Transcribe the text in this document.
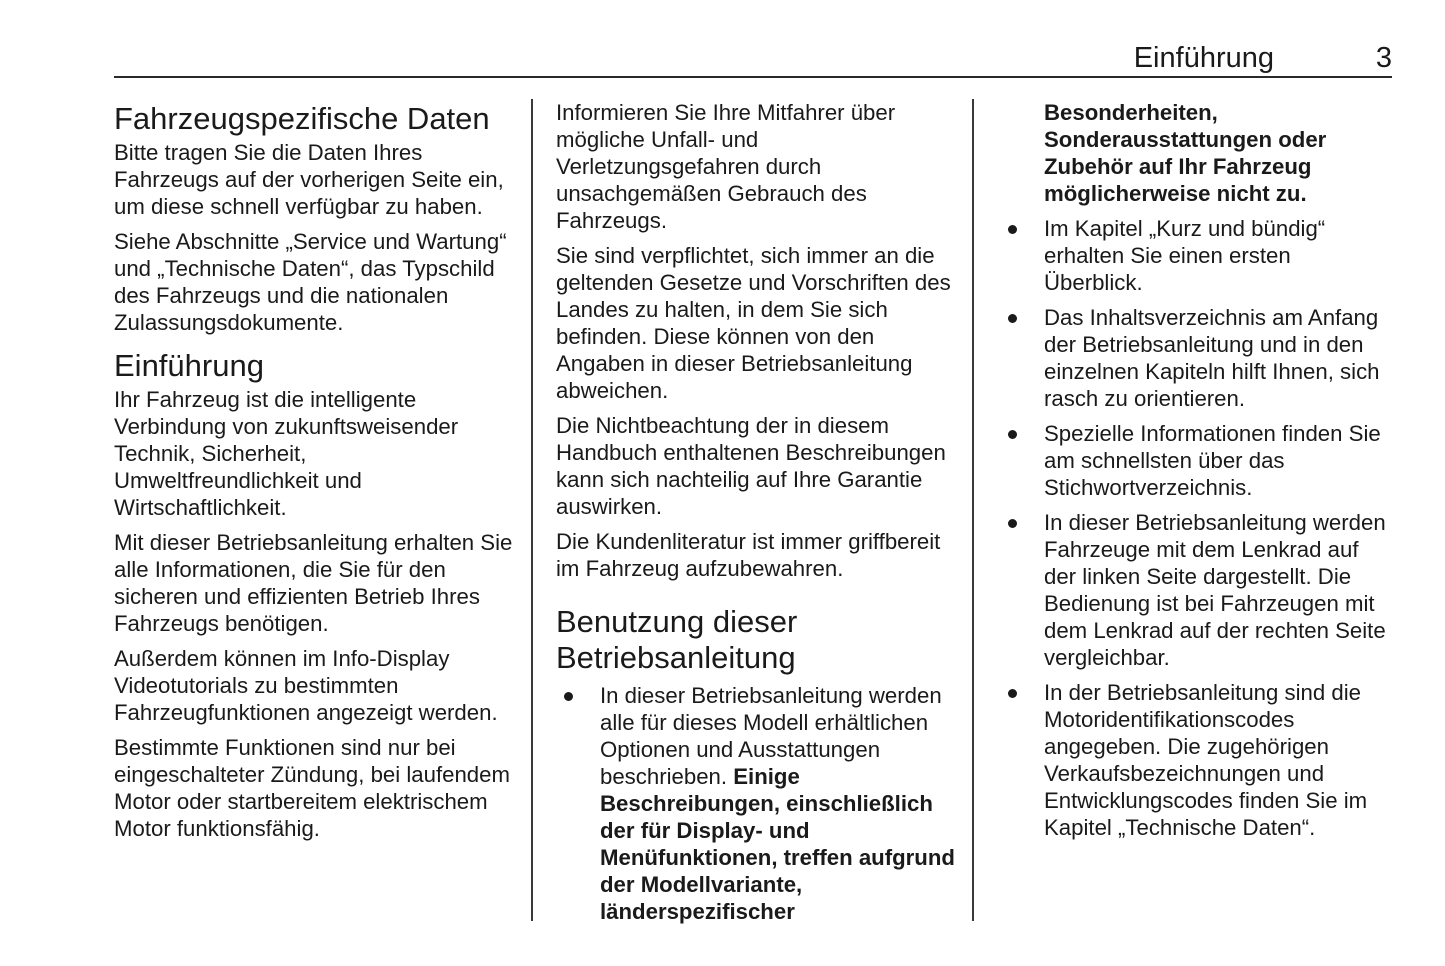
Einführung	3
Fahrzeugspezifische Daten

Bitte tragen Sie die Daten Ihres Fahrzeugs auf der vorherigen Seite ein, um diese schnell verfügbar zu haben.

Siehe Abschnitte „Service und Wartung“ und „Technische Daten“, das Typschild des Fahrzeugs und die nationalen Zulassungsdokumente.

Einführung

Ihr Fahrzeug ist die intelligente Verbindung von zukunftsweisender Technik, Sicherheit, Umweltfreundlichkeit und Wirtschaftlichkeit.

Mit dieser Betriebsanleitung erhalten Sie alle Informationen, die Sie für den sicheren und effizienten Betrieb Ihres Fahrzeugs benötigen.

Außerdem können im Info-Display Videotutorials zu bestimmten Fahrzeugfunktionen angezeigt werden.

Bestimmte Funktionen sind nur bei eingeschalteter Zündung, bei laufendem Motor oder startbereitem elektrischem Motor funktionsfähig.

Informieren Sie Ihre Mitfahrer über mögliche Unfall- und Verletzungsgefahren durch unsachgemäßen Gebrauch des Fahrzeugs.

Sie sind verpflichtet, sich immer an die geltenden Gesetze und Vorschriften des Landes zu halten, in dem Sie sich befinden. Diese können von den Angaben in dieser Betriebsanleitung abweichen.

Die Nichtbeachtung der in diesem Handbuch enthaltenen Beschreibungen kann sich nachteilig auf Ihre Garantie auswirken.

Die Kundenliteratur ist immer griffbereit im Fahrzeug aufzubewahren.

Benutzung dieser Betriebsanleitung
In dieser Betriebsanleitung werden alle für dieses Modell erhältlichen Optionen und Ausstattungen beschrieben. Einige Beschreibungen, einschließlich der für Display- und Menüfunktionen, treffen aufgrund der Modellvariante, länderspezifischer
Besonderheiten, Sonderausstattungen oder Zubehör auf Ihr Fahrzeug möglicherweise nicht zu.
Im Kapitel „Kurz und bündig“ erhalten Sie einen ersten Überblick.
Das Inhaltsverzeichnis am Anfang der Betriebsanleitung und in den einzelnen Kapiteln hilft Ihnen, sich rasch zu orientieren.
Spezielle Informationen finden Sie am schnellsten über das Stichwortverzeichnis.
In dieser Betriebsanleitung werden Fahrzeuge mit dem Lenkrad auf der linken Seite dargestellt. Die Bedienung ist bei Fahrzeugen mit dem Lenkrad auf der rechten Seite vergleichbar.
In der Betriebsanleitung sind die Motoridentifikationscodes angegeben. Die zugehörigen Verkaufsbezeichnungen und Entwicklungscodes finden Sie im Kapitel „Technische Daten“.
